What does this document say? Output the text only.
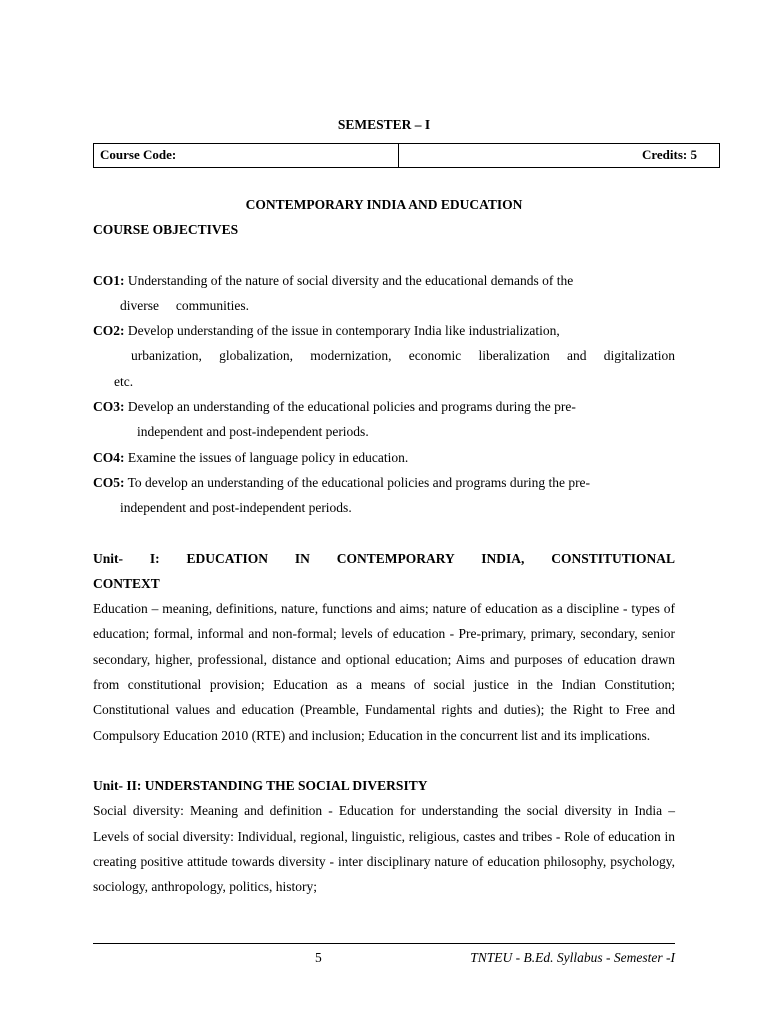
SEMESTER – I
Course Code:	Credits: 5

CONTEMPORARY INDIA AND EDUCATION

COURSE OBJECTIVES

CO1: Understanding of the nature of social diversity and the educational demands of the

diverse     communities.

CO2: Develop understanding of the issue in contemporary India like industrialization,

urbanization, globalization, modernization, economic liberalization and digitalization

etc.

CO3: Develop an understanding of the educational policies and programs during the pre-

independent and post-independent periods.

CO4: Examine the issues of language policy in education.

CO5: To develop an understanding of the educational policies and programs during the pre-

independent and post-independent periods.

Unit- I: EDUCATION IN CONTEMPORARY INDIA, CONSTITUTIONAL

CONTEXT

Education – meaning, definitions, nature, functions and aims; nature of education as a discipline - types of education; formal, informal and non-formal; levels of education - Pre-primary, primary, secondary, senior secondary, higher, professional, distance and optional education; Aims and purposes of education drawn from constitutional provision; Education as a means of social justice in the Indian Constitution; Constitutional values and education (Preamble, Fundamental rights and duties); the Right to Free and Compulsory Education 2010 (RTE) and inclusion; Education in the concurrent list and its implications.

Unit- II: UNDERSTANDING THE SOCIAL DIVERSITY

Social diversity: Meaning and definition - Education for understanding the social diversity in India – Levels of social diversity: Individual, regional, linguistic, religious, castes and tribes - Role of education in creating positive attitude towards diversity - inter disciplinary nature of education philosophy, psychology, sociology, anthropology, politics, history;

5	TNTEU - B.Ed. Syllabus - Semester -I
